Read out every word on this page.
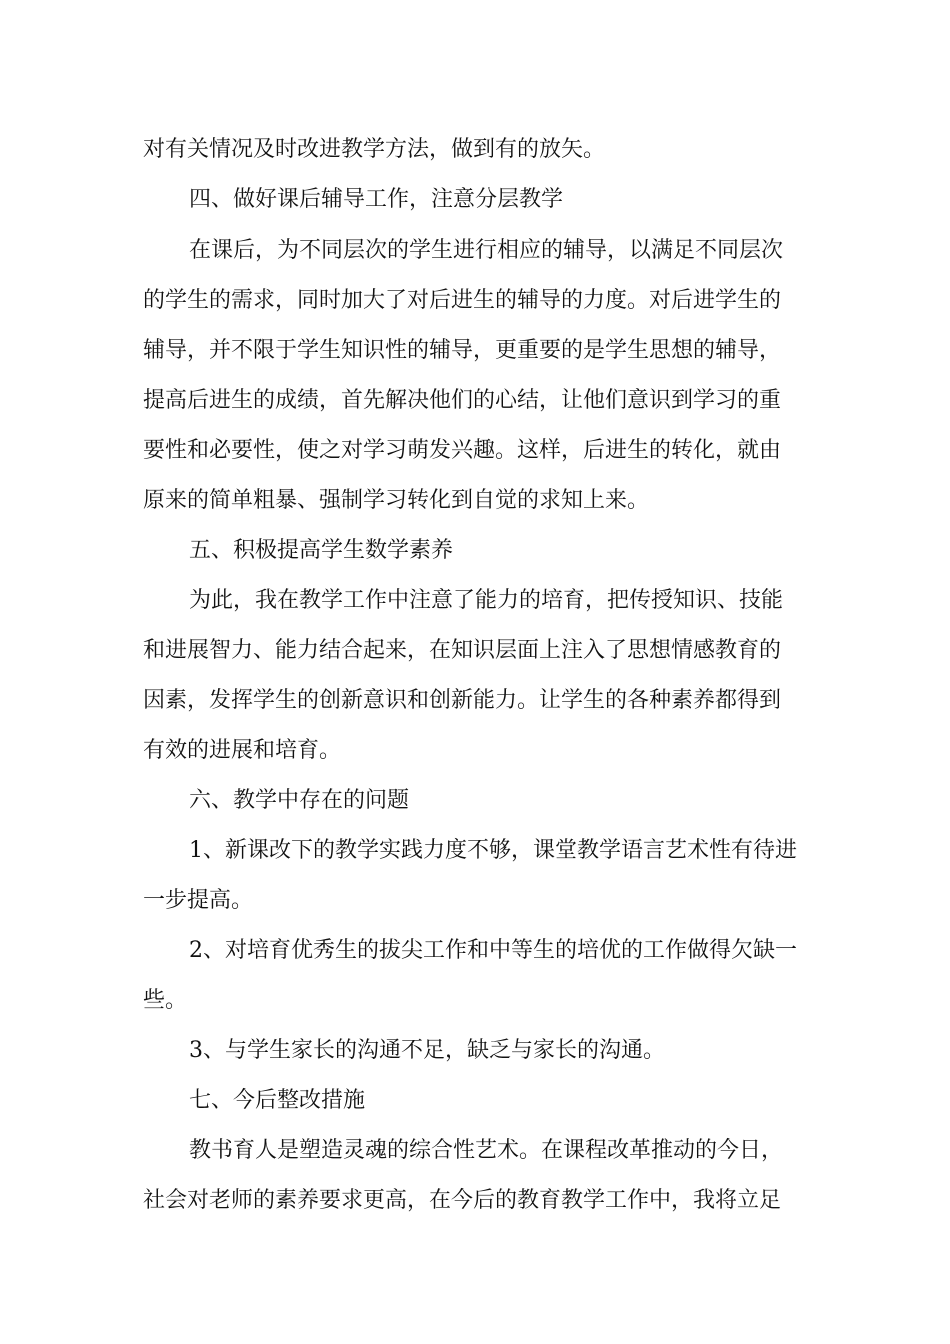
对有关情况及时改进教学方法，做到有的放矢。
四、做好课后辅导工作，注意分层教学
在课后，为不同层次的学生进行相应的辅导，以满足不同层次
的学生的需求，同时加大了对后进生的辅导的力度。对后进学生的
辅导，并不限于学生知识性的辅导，更重要的是学生思想的辅导，
提高后进生的成绩，首先解决他们的心结，让他们意识到学习的重
要性和必要性，使之对学习萌发兴趣。这样，后进生的转化，就由
原来的简单粗暴、强制学习转化到自觉的求知上来。
五、积极提高学生数学素养
为此，我在教学工作中注意了能力的培育，把传授知识、技能
和进展智力、能力结合起来，在知识层面上注入了思想情感教育的
因素，发挥学生的创新意识和创新能力。让学生的各种素养都得到
有效的进展和培育。
六、教学中存在的问题
1、新课改下的教学实践力度不够，课堂教学语言艺术性有待进
一步提高。
2、对培育优秀生的拔尖工作和中等生的培优的工作做得欠缺一
些。
3、与学生家长的沟通不足，缺乏与家长的沟通。
七、今后整改措施
教书育人是塑造灵魂的综合性艺术。在课程改革推动的今日，
社会对老师的素养要求更高，在今后的教育教学工作中，我将立足
